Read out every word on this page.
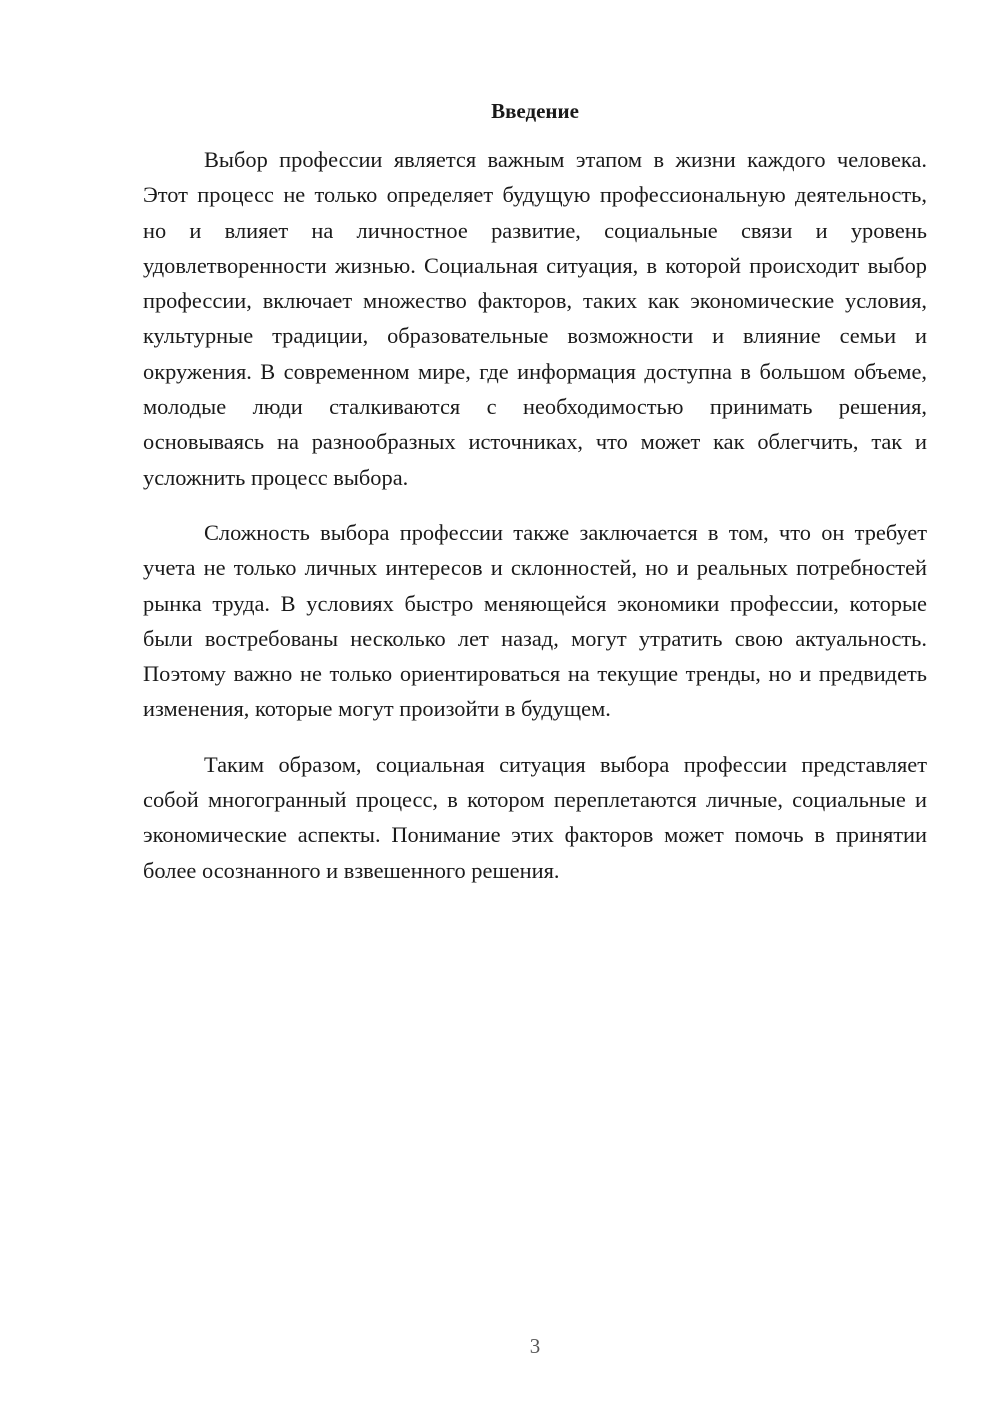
Введение

Выбор профессии является важным этапом в жизни каждого человека. Этот процесс не только определяет будущую профессиональную деятельность, но и влияет на личностное развитие, социальные связи и уровень удовлетворенности жизнью. Социальная ситуация, в которой происходит выбор профессии, включает множество факторов, таких как экономические условия, культурные традиции, образовательные возможности и влияние семьи и окружения. В современном мире, где информация доступна в большом объеме, молодые люди сталкиваются с необходимостью принимать решения, основываясь на разнообразных источниках, что может как облегчить, так и усложнить процесс выбора.

Сложность выбора профессии также заключается в том, что он требует учета не только личных интересов и склонностей, но и реальных потребностей рынка труда. В условиях быстро меняющейся экономики профессии, которые были востребованы несколько лет назад, могут утратить свою актуальность. Поэтому важно не только ориентироваться на текущие тренды, но и предвидеть изменения, которые могут произойти в будущем.

Таким образом, социальная ситуация выбора профессии представляет собой многогранный процесс, в котором переплетаются личные, социальные и экономические аспекты. Понимание этих факторов может помочь в принятии более осознанного и взвешенного решения.

3
